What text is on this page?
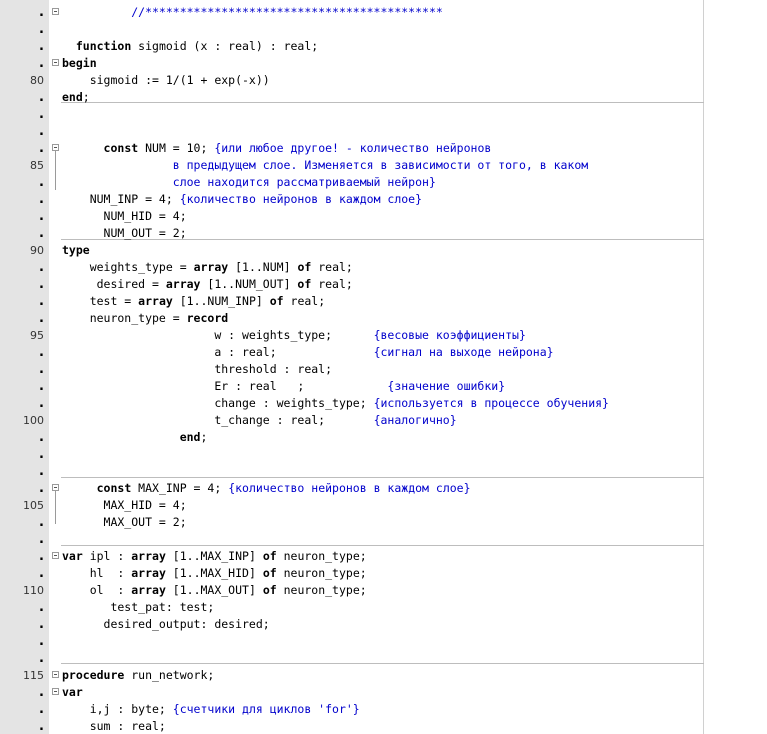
. //*******************************************
.
.	function sigmoid (x : real) : real;
. begin
80 sigmoid := 1/(1 + exp(-x))
. end;
.
.
.	const NUM = 10; {или любое другое! - количество нейронов
85 в предыдущем слое. Изменяется в зависимости от того, в каком
. слое находится рассматриваемый нейрон}
. NUM_INP = 4; {количество нейронов в каждом слое}
. NUM_HID = 4;
. NUM_OUT = 2;
90 type
. weights_type = array [1..NUM] of real;
. desired = array [1..NUM_OUT] of real;
. test = array [1..NUM_INP] of real;
. neuron_type = record
95 w : weights_type;      {весовые коэффициенты}
. a : real;              {сигнал на выходе нейрона}
. threshold : real;
. Er : real   ;            {значение ошибки}
. change : weights_type; {используется в процессе обучения}
100 t_change : real;       {аналогично}
.	end;
.
.
.	const MAX_INP = 4; {количество нейронов в каждом слое}
105 MAX_HID = 4;
. MAX_OUT = 2;
.
. var ipl : array [1..MAX_INP] of neuron_type;
. hl  : array [1..MAX_HID] of neuron_type;
110 ol  : array [1..MAX_OUT] of neuron_type;
. test_pat: test;
. desired_output: desired;
.
.
115 procedure run_network;
. var
. i,j : byte; {счетчики для циклов 'for'}
. sum : real;
